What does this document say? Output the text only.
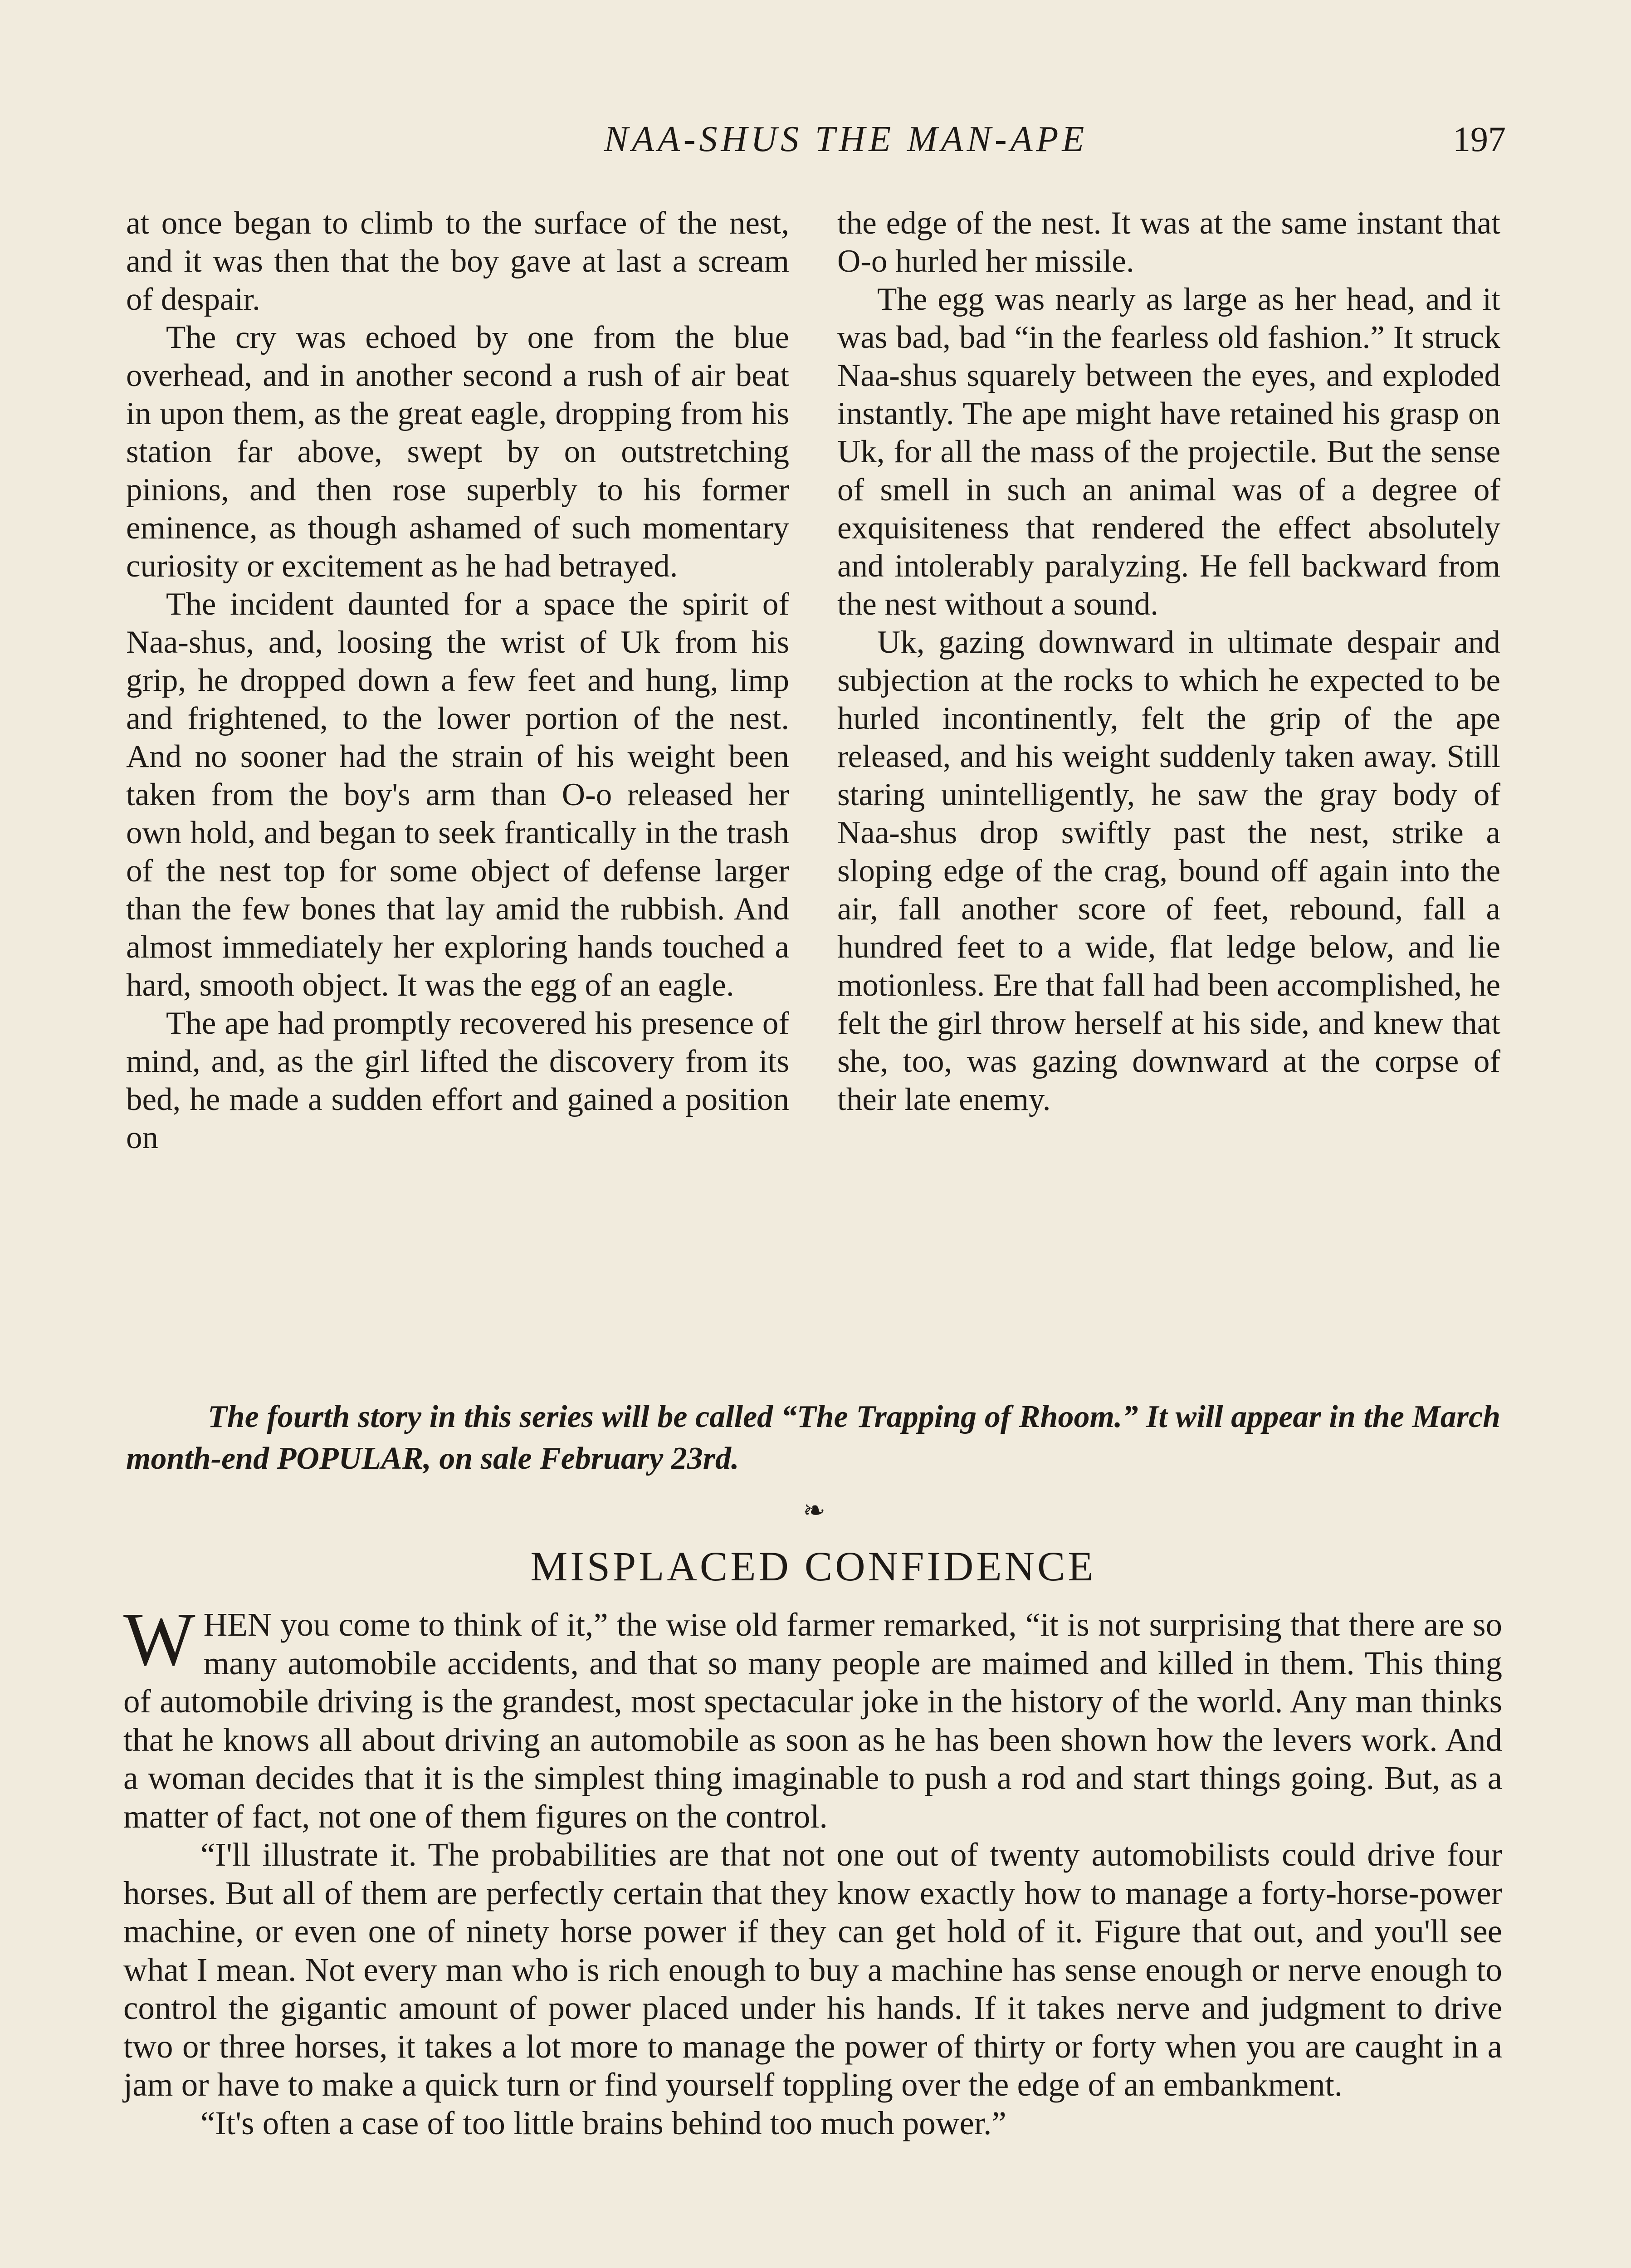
NAA-SHUS THE MAN-APE	197

at once began to climb to the surface of the nest, and it was then that the boy gave at last a scream of despair.

The cry was echoed by one from the blue overhead, and in another second a rush of air beat in upon them, as the great eagle, dropping from his station far above, swept by on outstretching pinions, and then rose superbly to his former eminence, as though ashamed of such momentary curiosity or excitement as he had betrayed.

The incident daunted for a space the spirit of Naa-shus, and, loosing the wrist of Uk from his grip, he dropped down a few feet and hung, limp and frightened, to the lower portion of the nest. And no sooner had the strain of his weight been taken from the boy's arm than O-o released her own hold, and began to seek frantically in the trash of the nest top for some object of defense larger than the few bones that lay amid the rubbish. And almost immediately her exploring hands touched a hard, smooth object. It was the egg of an eagle.

The ape had promptly recovered his presence of mind, and, as the girl lifted the discovery from its bed, he made a sudden effort and gained a position on

the edge of the nest. It was at the same instant that O-o hurled her missile.

The egg was nearly as large as her head, and it was bad, bad “in the fearless old fashion.” It struck Naa-shus squarely between the eyes, and exploded instantly. The ape might have retained his grasp on Uk, for all the mass of the projectile. But the sense of smell in such an animal was of a degree of exquisiteness that rendered the effect absolutely and intolerably paralyzing. He fell backward from the nest without a sound.

Uk, gazing downward in ultimate despair and subjection at the rocks to which he expected to be hurled incontinently, felt the grip of the ape released, and his weight suddenly taken away. Still staring unintelligently, he saw the gray body of Naa-shus drop swiftly past the nest, strike a sloping edge of the crag, bound off again into the air, fall another score of feet, rebound, fall a hundred feet to a wide, flat ledge below, and lie motionless. Ere that fall had been accomplished, he felt the girl throw herself at his side, and knew that she, too, was gazing downward at the corpse of their late enemy.

The fourth story in this series will be called “The Trapping of Rhoom.” It will appear in the March month-end POPULAR, on sale February 23rd.

❧
MISPLACED CONFIDENCE

WHEN you come to think of it,” the wise old farmer remarked, “it is not surprising that there are so many automobile accidents, and that so many people are maimed and killed in them. This thing of automobile driving is the grandest, most spectacular joke in the history of the world. Any man thinks that he knows all about driving an automobile as soon as he has been shown how the levers work. And a woman decides that it is the simplest thing imaginable to push a rod and start things going. But, as a matter of fact, not one of them figures on the control.

“I'll illustrate it. The probabilities are that not one out of twenty automobilists could drive four horses. But all of them are perfectly certain that they know exactly how to manage a forty-horse-power machine, or even one of ninety horse power if they can get hold of it. Figure that out, and you'll see what I mean. Not every man who is rich enough to buy a machine has sense enough or nerve enough to control the gigantic amount of power placed under his hands. If it takes nerve and judgment to drive two or three horses, it takes a lot more to manage the power of thirty or forty when you are caught in a jam or have to make a quick turn or find yourself toppling over the edge of an embankment.

“It's often a case of too little brains behind too much power.”
